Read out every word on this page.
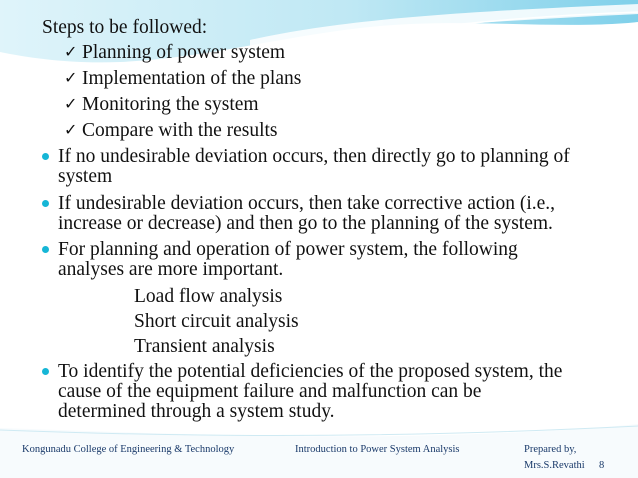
Steps to be followed:
✓ Planning of power system
✓ Implementation of the plans
✓ Monitoring the system
✓ Compare with the results
If no undesirable deviation occurs, then directly go to planning of
system
If undesirable deviation occurs, then take corrective action (i.e.,
increase or decrease) and then go to the planning of the system.
For planning and operation of power system, the following
analyses are more important.
Load flow analysis
Short circuit analysis
Transient analysis
To identify the potential deficiencies of the proposed system, the
cause of the equipment failure and malfunction can be
determined through a system study.
Kongunadu College of Engineering & Technology	Introduction to Power System Analysis	Prepared by,
Mrs.S.Revathi 8
